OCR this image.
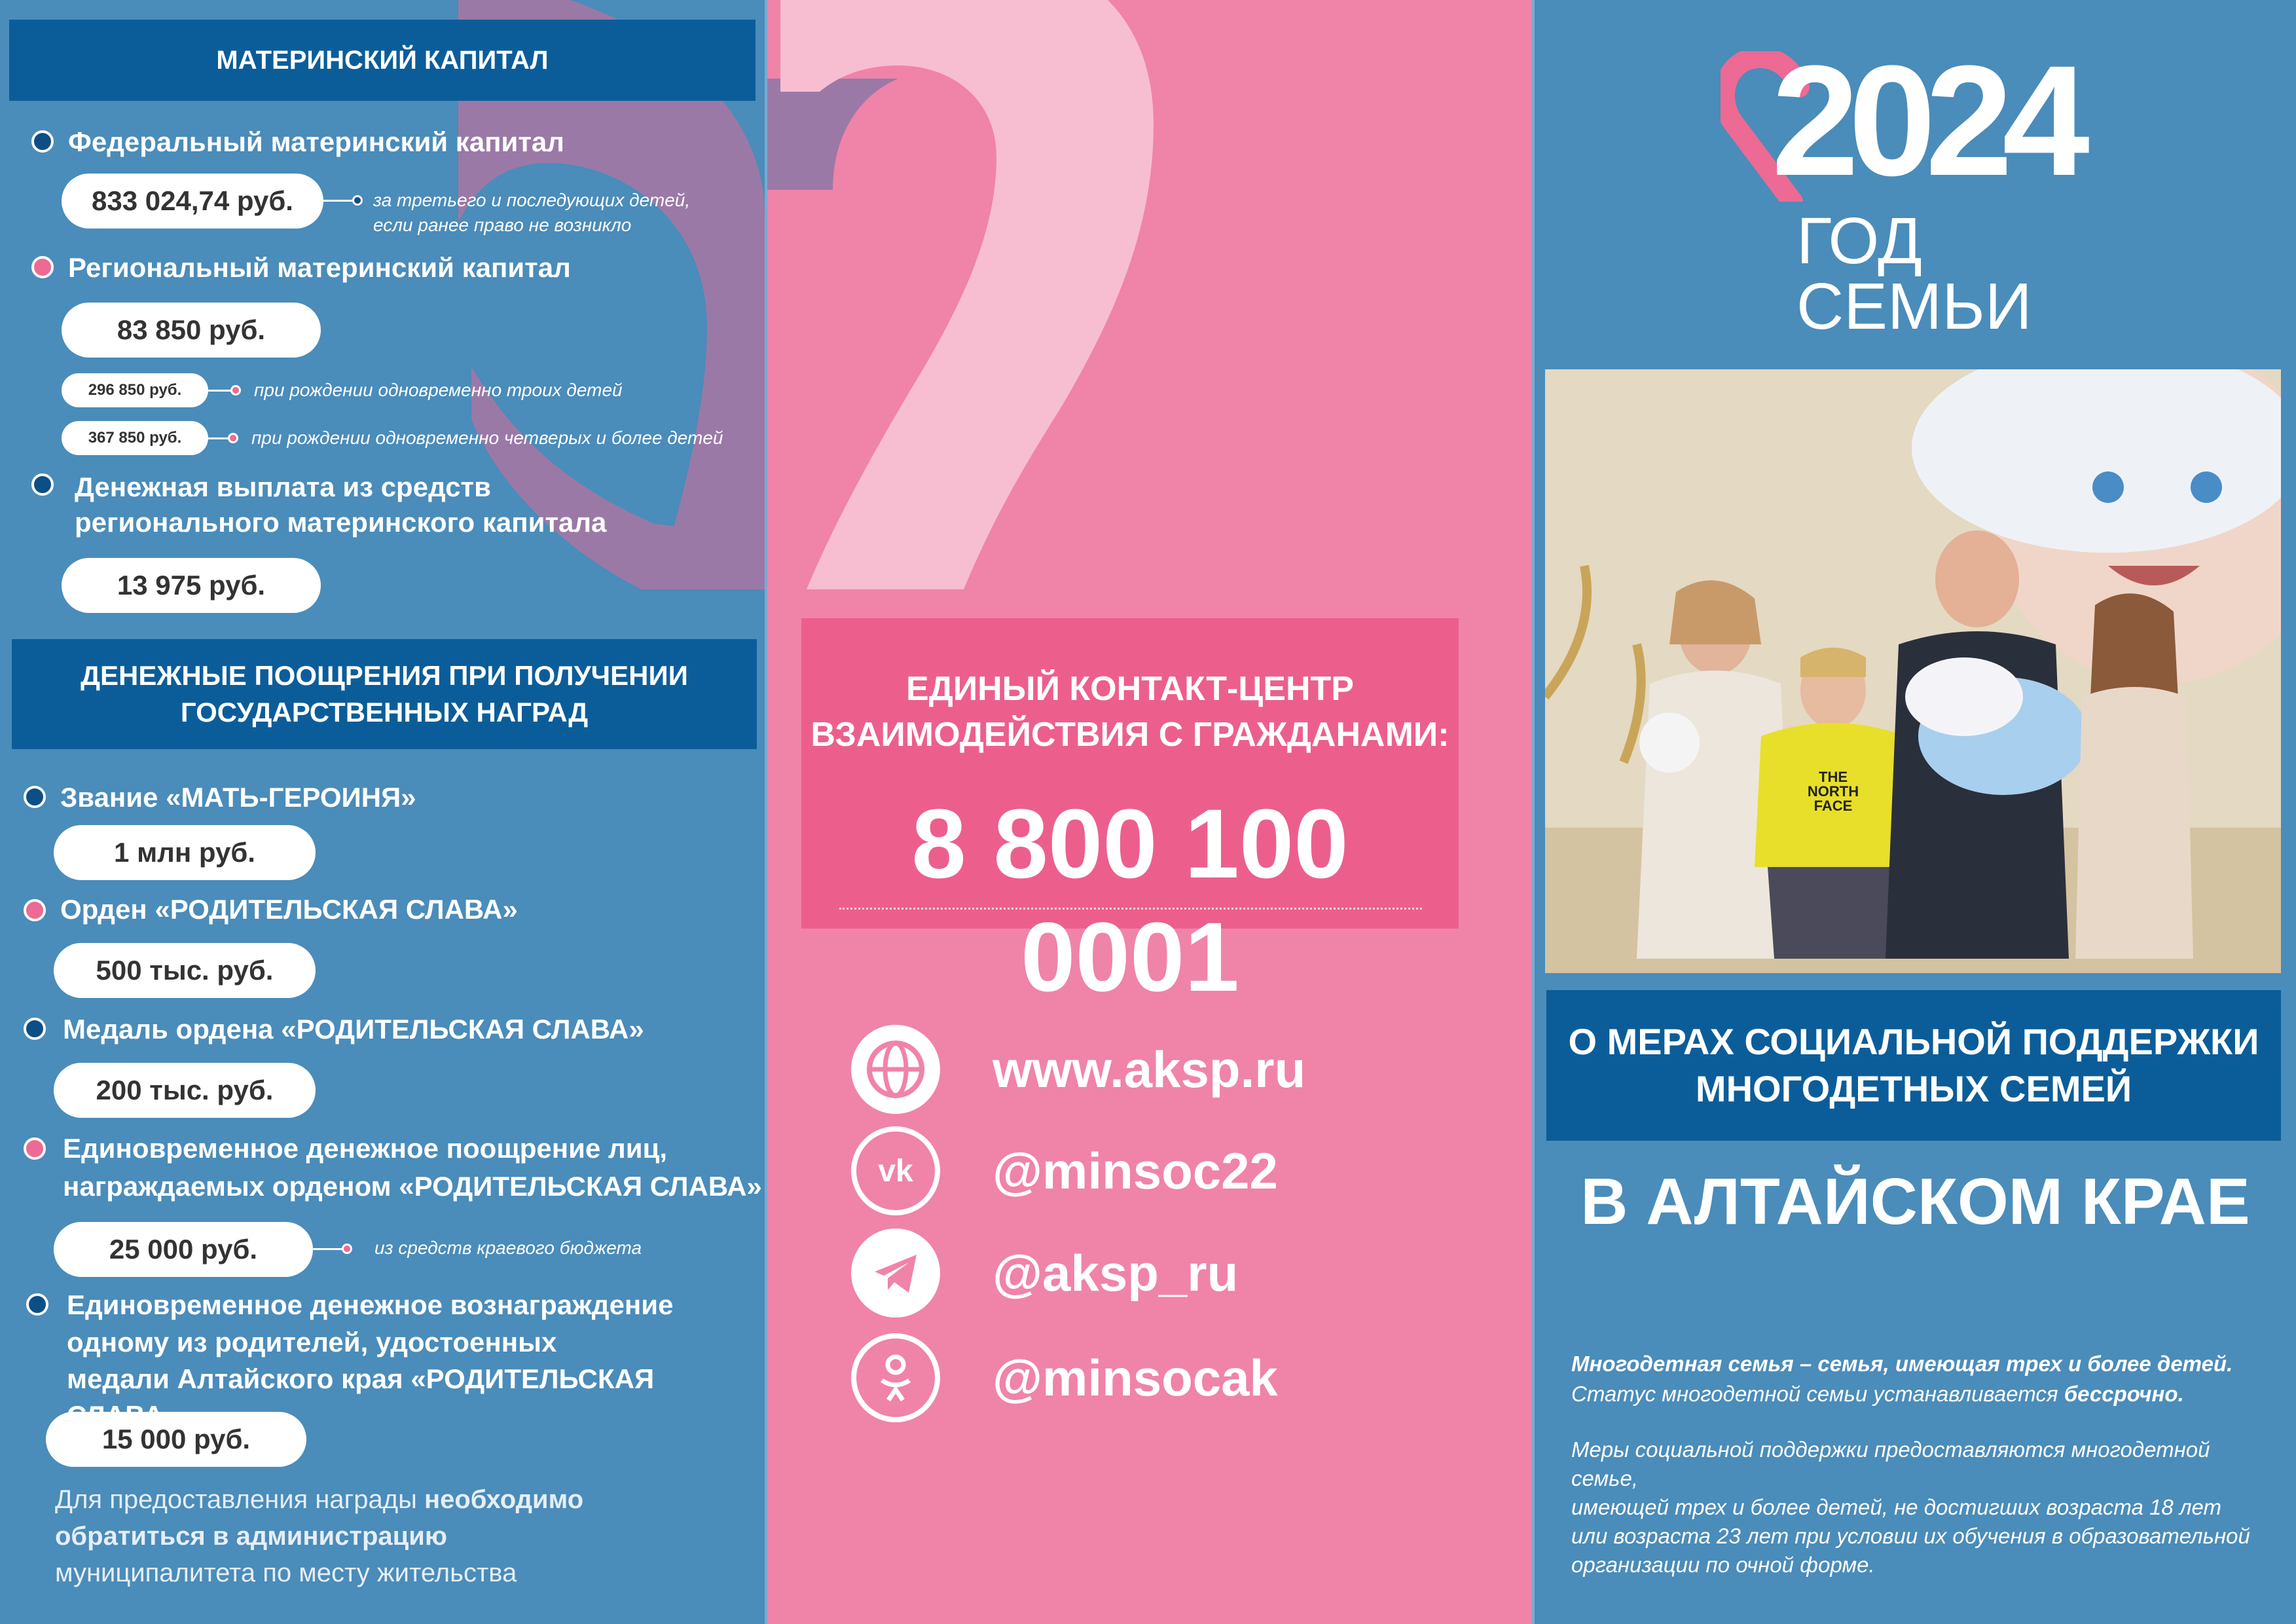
МАТЕРИНСКИЙ КАПИТАЛ
Федеральный материнский капитал
833 024,74 руб.	за третьего и последующих детей,
если ранее право не возникло
Региональный материнский капитал
83 850 руб.
296 850 руб.	при рождении одновременно троих детей
367 850 руб.	при рождении одновременно четверых и более детей
Денежная выплата из средств
регионального материнского капитала
13 975 руб.
ДЕНЕЖНЫЕ ПООЩРЕНИЯ ПРИ ПОЛУЧЕНИИ
ГОСУДАРСТВЕННЫХ НАГРАД
Звание «МАТЬ-ГЕРОИНЯ»
1 млн руб.
Орден «РОДИТЕЛЬСКАЯ СЛАВА»
500 тыс. руб.
Медаль ордена «РОДИТЕЛЬСКАЯ СЛАВА»
200 тыс. руб.
Единовременное денежное поощрение лиц,
награждаемых орденом «РОДИТЕЛЬСКАЯ СЛАВА»
25 000 руб.	из средств краевого бюджета
Единовременное денежное вознаграждение
одному из родителей, удостоенных
медали Алтайского края «РОДИТЕЛЬСКАЯ
15 000 руб.
Для предоставления награды необходимо
обратиться в администрацию
муниципалитета по месту жительства
ЕДИНЫЙ КОНТАКТ-ЦЕНТР
ВЗАИМОДЕЙСТВИЯ С ГРАЖДАНАМИ:
8 800 100 0001
www.aksp.ru
vk @minsoc22
@aksp_ru
@minsocak
2024
ГОД СЕМЬИ
THE
NORTH
FACE
О МЕРАХ СОЦИАЛЬНОЙ ПОДДЕРЖКИ
МНОГОДЕТНЫХ СЕМЕЙ
В АЛТАЙСКОМ КРАЕ
Многодетная семья – семья, имеющая трех и более детей.
Статус многодетной семьи устанавливается бессрочно.
Меры социальной поддержки предоставляются многодетной семье,
имеющей трех и более детей, не достигших возраста 18 лет
или возраста 23 лет при условии их обучения в образовательной
организации по очной форме.
